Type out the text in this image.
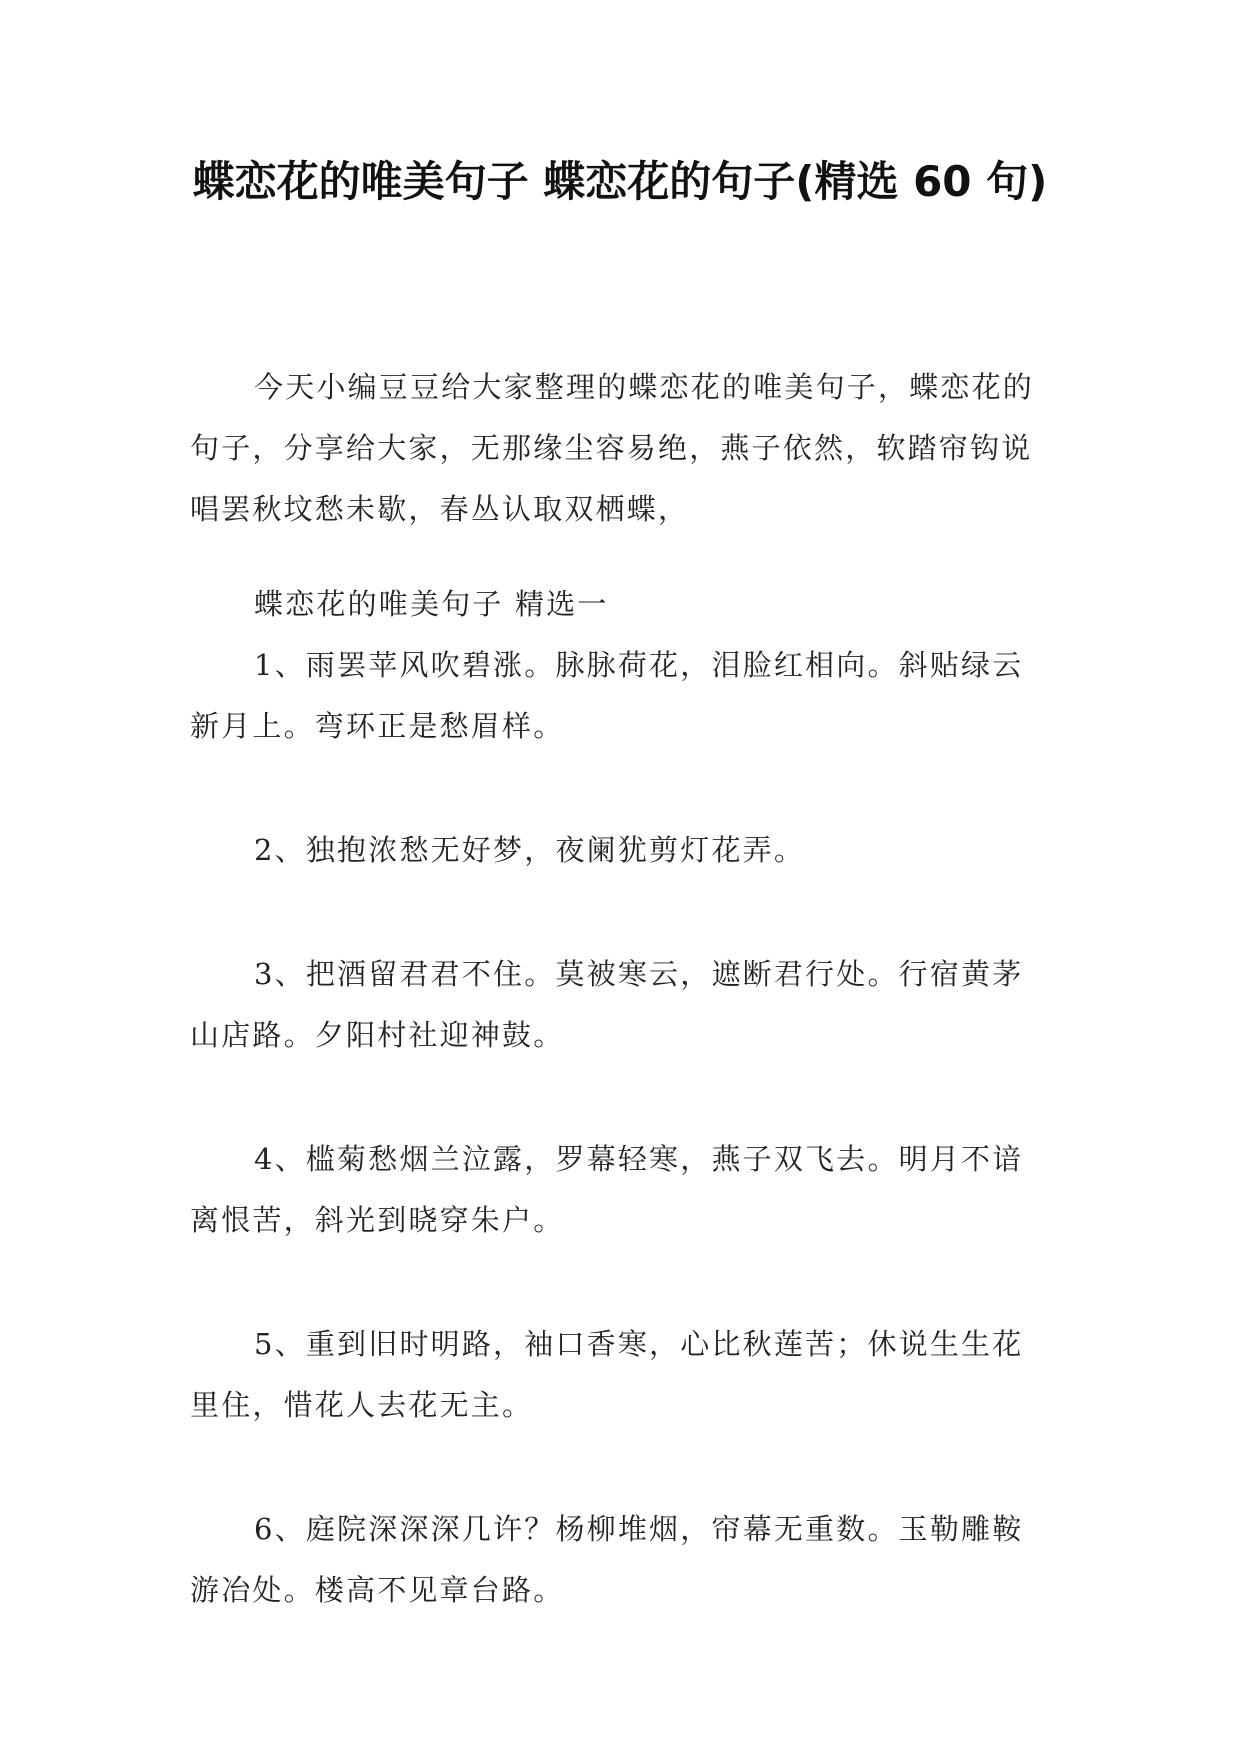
蝶恋花的唯美句子 蝶恋花的句子(精选 60 句)

今天小编豆豆给大家整理的蝶恋花的唯美句子，蝶恋花的句子，分享给大家，无那缘尘容易绝，燕子依然，软踏帘钩说唱罢秋坟愁未歇，春丛认取双栖蝶，

蝶恋花的唯美句子 精选一

1、雨罢苹风吹碧涨。脉脉荷花，泪脸红相向。斜贴绿云新月上。弯环正是愁眉样。

2、独抱浓愁无好梦，夜阑犹剪灯花弄。

3、把酒留君君不住。莫被寒云，遮断君行处。行宿黄茅山店路。夕阳村社迎神鼓。

4、槛菊愁烟兰泣露，罗幕轻寒，燕子双飞去。明月不谙离恨苦，斜光到晓穿朱户。

5、重到旧时明路，袖口香寒，心比秋莲苦；休说生生花里住，惜花人去花无主。

6、庭院深深深几许？杨柳堆烟，帘幕无重数。玉勒雕鞍游冶处。楼高不见章台路。
